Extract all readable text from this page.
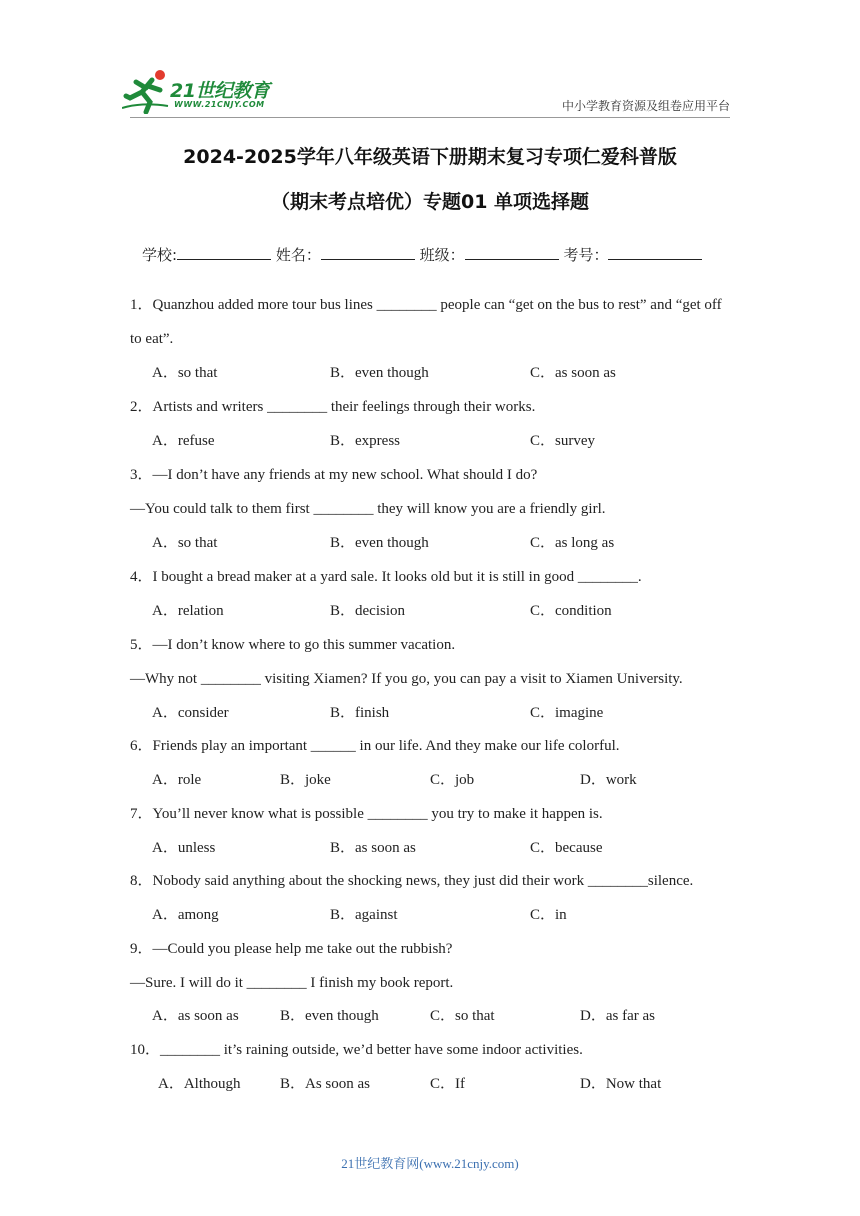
21世纪教育
WWW.21CNJY.COM	中小学教育资源及组卷应用平台
2024-2025学年八年级英语下册期末复习专项仁爱科普版
（期末考点培优）专题01 单项选择题
学校:	姓名：	班级：	考号：
1．Quanzhou added more tour bus lines ________ people can “get on the bus to rest” and “get off
to eat”.
A．so that	B．even though	C．as soon as
2．Artists and writers ________ their feelings through their works.
A．refuse	B．express	C．survey
3．—I don’t have any friends at my new school. What should I do?
—You could talk to them first ________ they will know you are a friendly girl.
A．so that	B．even though	C．as long as
4．I bought a bread maker at a yard sale. It looks old but it is still in good ________.
A．relation	B．decision	C．condition
5．—I don’t know where to go this summer vacation.
—Why not ________ visiting Xiamen? If you go, you can pay a visit to Xiamen University.
A．consider	B．finish	C．imagine
6．Friends play an important ______ in our life. And they make our life colorful.
A．role	B．joke	C．job	D．work
7．You’ll never know what is possible ________ you try to make it happen is.
A．unless	B．as soon as	C．because
8．Nobody said anything about the shocking news, they just did their work ________silence.
A．among	B．against	C．in
9．—Could you please help me take out the rubbish?
—Sure. I will do it ________ I finish my book report.
A．as soon as	B．even though	C．so that	D．as far as
10．________ it’s raining outside, we’d better have some indoor activities.
A．Although	B．As soon as	C．If	D．Now that
21世纪教育网(www.21cnjy.com)
